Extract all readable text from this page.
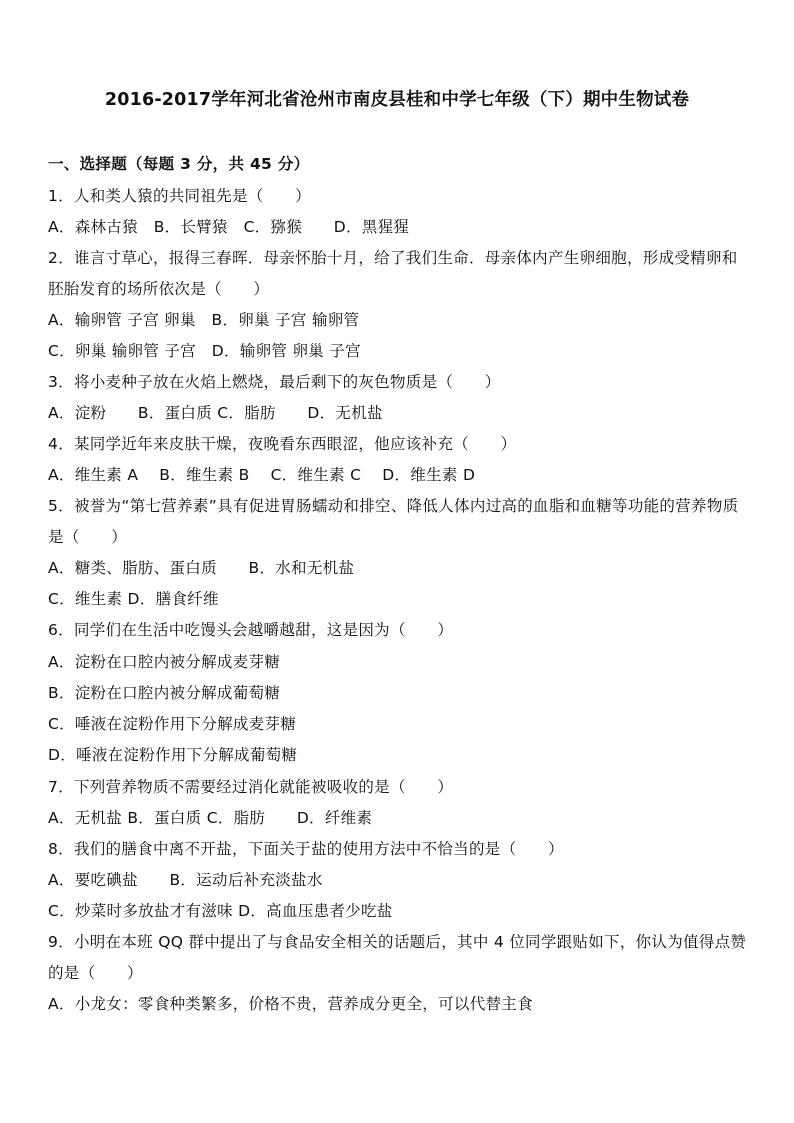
2016-2017学年河北省沧州市南皮县桂和中学七年级（下）期中生物试卷
一、选择题（每题 3 分，共 45 分）
1．人和类人猿的共同祖先是（　　）
A．森林古猿　B．长臂猿　C．猕猴　　D．黑猩猩
2．谁言寸草心，报得三春晖．母亲怀胎十月，给了我们生命．母亲体内产生卵细胞，形成受精卵和
胚胎发育的场所依次是（　　）
A．输卵管 子宫 卵巢　B．卵巢 子宫 输卵管
C．卵巢 输卵管 子宫　D．输卵管 卵巢 子宫
3．将小麦种子放在火焰上燃烧，最后剩下的灰色物质是（　　）
A．淀粉　　B．蛋白质 C．脂肪　　D．无机盐
4．某同学近年来皮肤干燥，夜晚看东西眼涩，他应该补充（　　）
A．维生素 A　 B．维生素 B　 C．维生素 C　 D．维生素 D
5．被誉为“第七营养素”具有促进胃肠蠕动和排空、降低人体内过高的血脂和血糖等功能的营养物质
是（　　）
A．糖类、脂肪、蛋白质　　B．水和无机盐
C．维生素 D．膳食纤维
6．同学们在生活中吃馒头会越嚼越甜，这是因为（　　）
A．淀粉在口腔内被分解成麦芽糖
B．淀粉在口腔内被分解成葡萄糖
C．唾液在淀粉作用下分解成麦芽糖
D．唾液在淀粉作用下分解成葡萄糖
7．下列营养物质不需要经过消化就能被吸收的是（　　）
A．无机盐 B．蛋白质 C．脂肪　　D．纤维素
8．我们的膳食中离不开盐，下面关于盐的使用方法中不恰当的是（　　）
A．要吃碘盐　　B．运动后补充淡盐水
C．炒菜时多放盐才有滋味 D．高血压患者少吃盐
9．小明在本班 QQ 群中提出了与食品安全相关的话题后，其中 4 位同学跟贴如下，你认为值得点赞
的是（　　）
A．小龙女：零食种类繁多，价格不贵，营养成分更全，可以代替主食
